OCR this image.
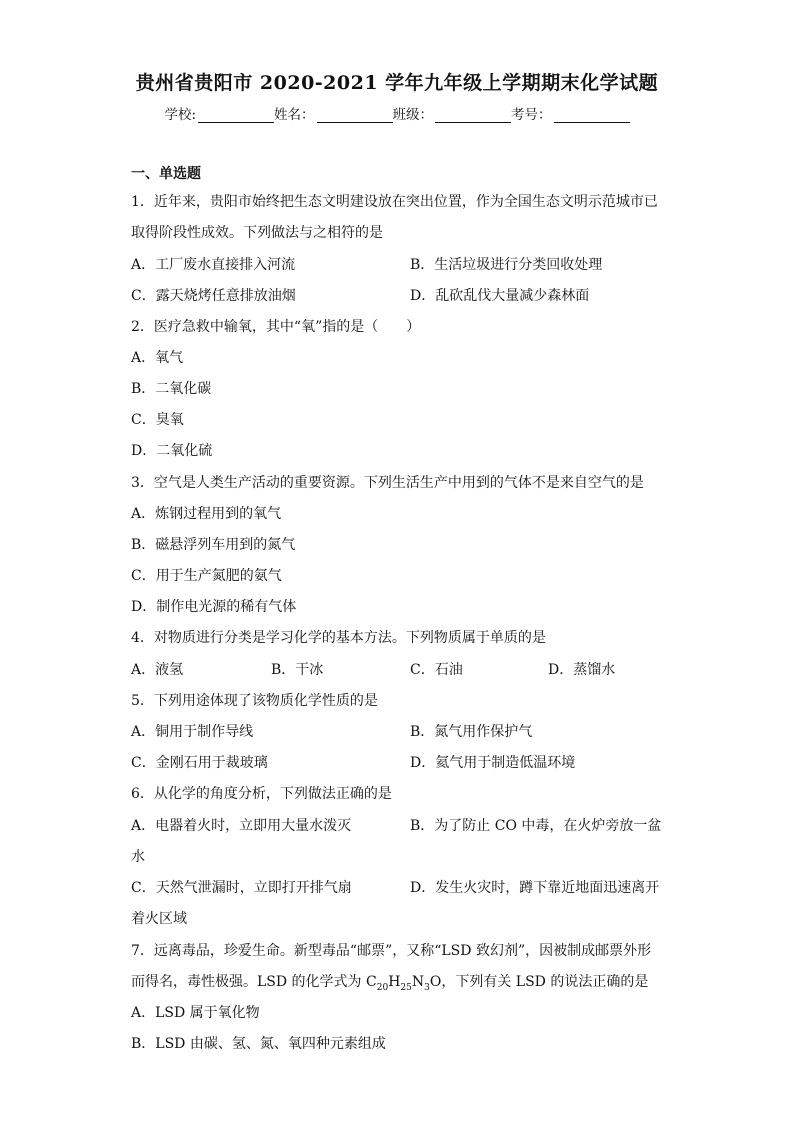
贵州省贵阳市 2020-2021 学年九年级上学期期末化学试题
学校:	姓名：	班级：	考号：
一、单选题
1．近年来，贵阳市始终把生态文明建设放在突出位置，作为全国生态文明示范城市已
取得阶段性成效。下列做法与之相符的是
A．工厂废水直接排入河流	B．生活垃圾进行分类回收处理
C．露天烧烤任意排放油烟	D．乱砍乱伐大量减少森林面
2．医疗急救中输氧，其中“氧”指的是（　　）
A．氧气
B．二氧化碳
C．臭氧
D．二氧化硫
3．空气是人类生产活动的重要资源。下列生活生产中用到的气体不是来自空气的是
A．炼钢过程用到的氧气
B．磁悬浮列车用到的氮气
C．用于生产氮肥的氨气
D．制作电光源的稀有气体
4．对物质进行分类是学习化学的基本方法。下列物质属于单质的是
A．液氢	B．干冰	C．石油	D．蒸馏水
5．下列用途体现了该物质化学性质的是
A．铜用于制作导线	B．氮气用作保护气
C．金刚石用于裁玻璃	D．氦气用于制造低温环境
6．从化学的角度分析，下列做法正确的是
A．电器着火时，立即用大量水泼灭	B．为了防止 CO 中毒，在火炉旁放一盆
水
C．天然气泄漏时，立即打开排气扇	D．发生火灾时，蹲下靠近地面迅速离开
着火区域
7．远离毒品，珍爱生命。新型毒品“邮票”，又称“LSD 致幻剂”，因被制成邮票外形
而得名，毒性极强。LSD 的化学式为 $C_{20}H_{25}N_3O$，下列有关 LSD 的说法正确的是
A．LSD 属于氧化物
B．LSD 由碳、氢、氮、氧四种元素组成
